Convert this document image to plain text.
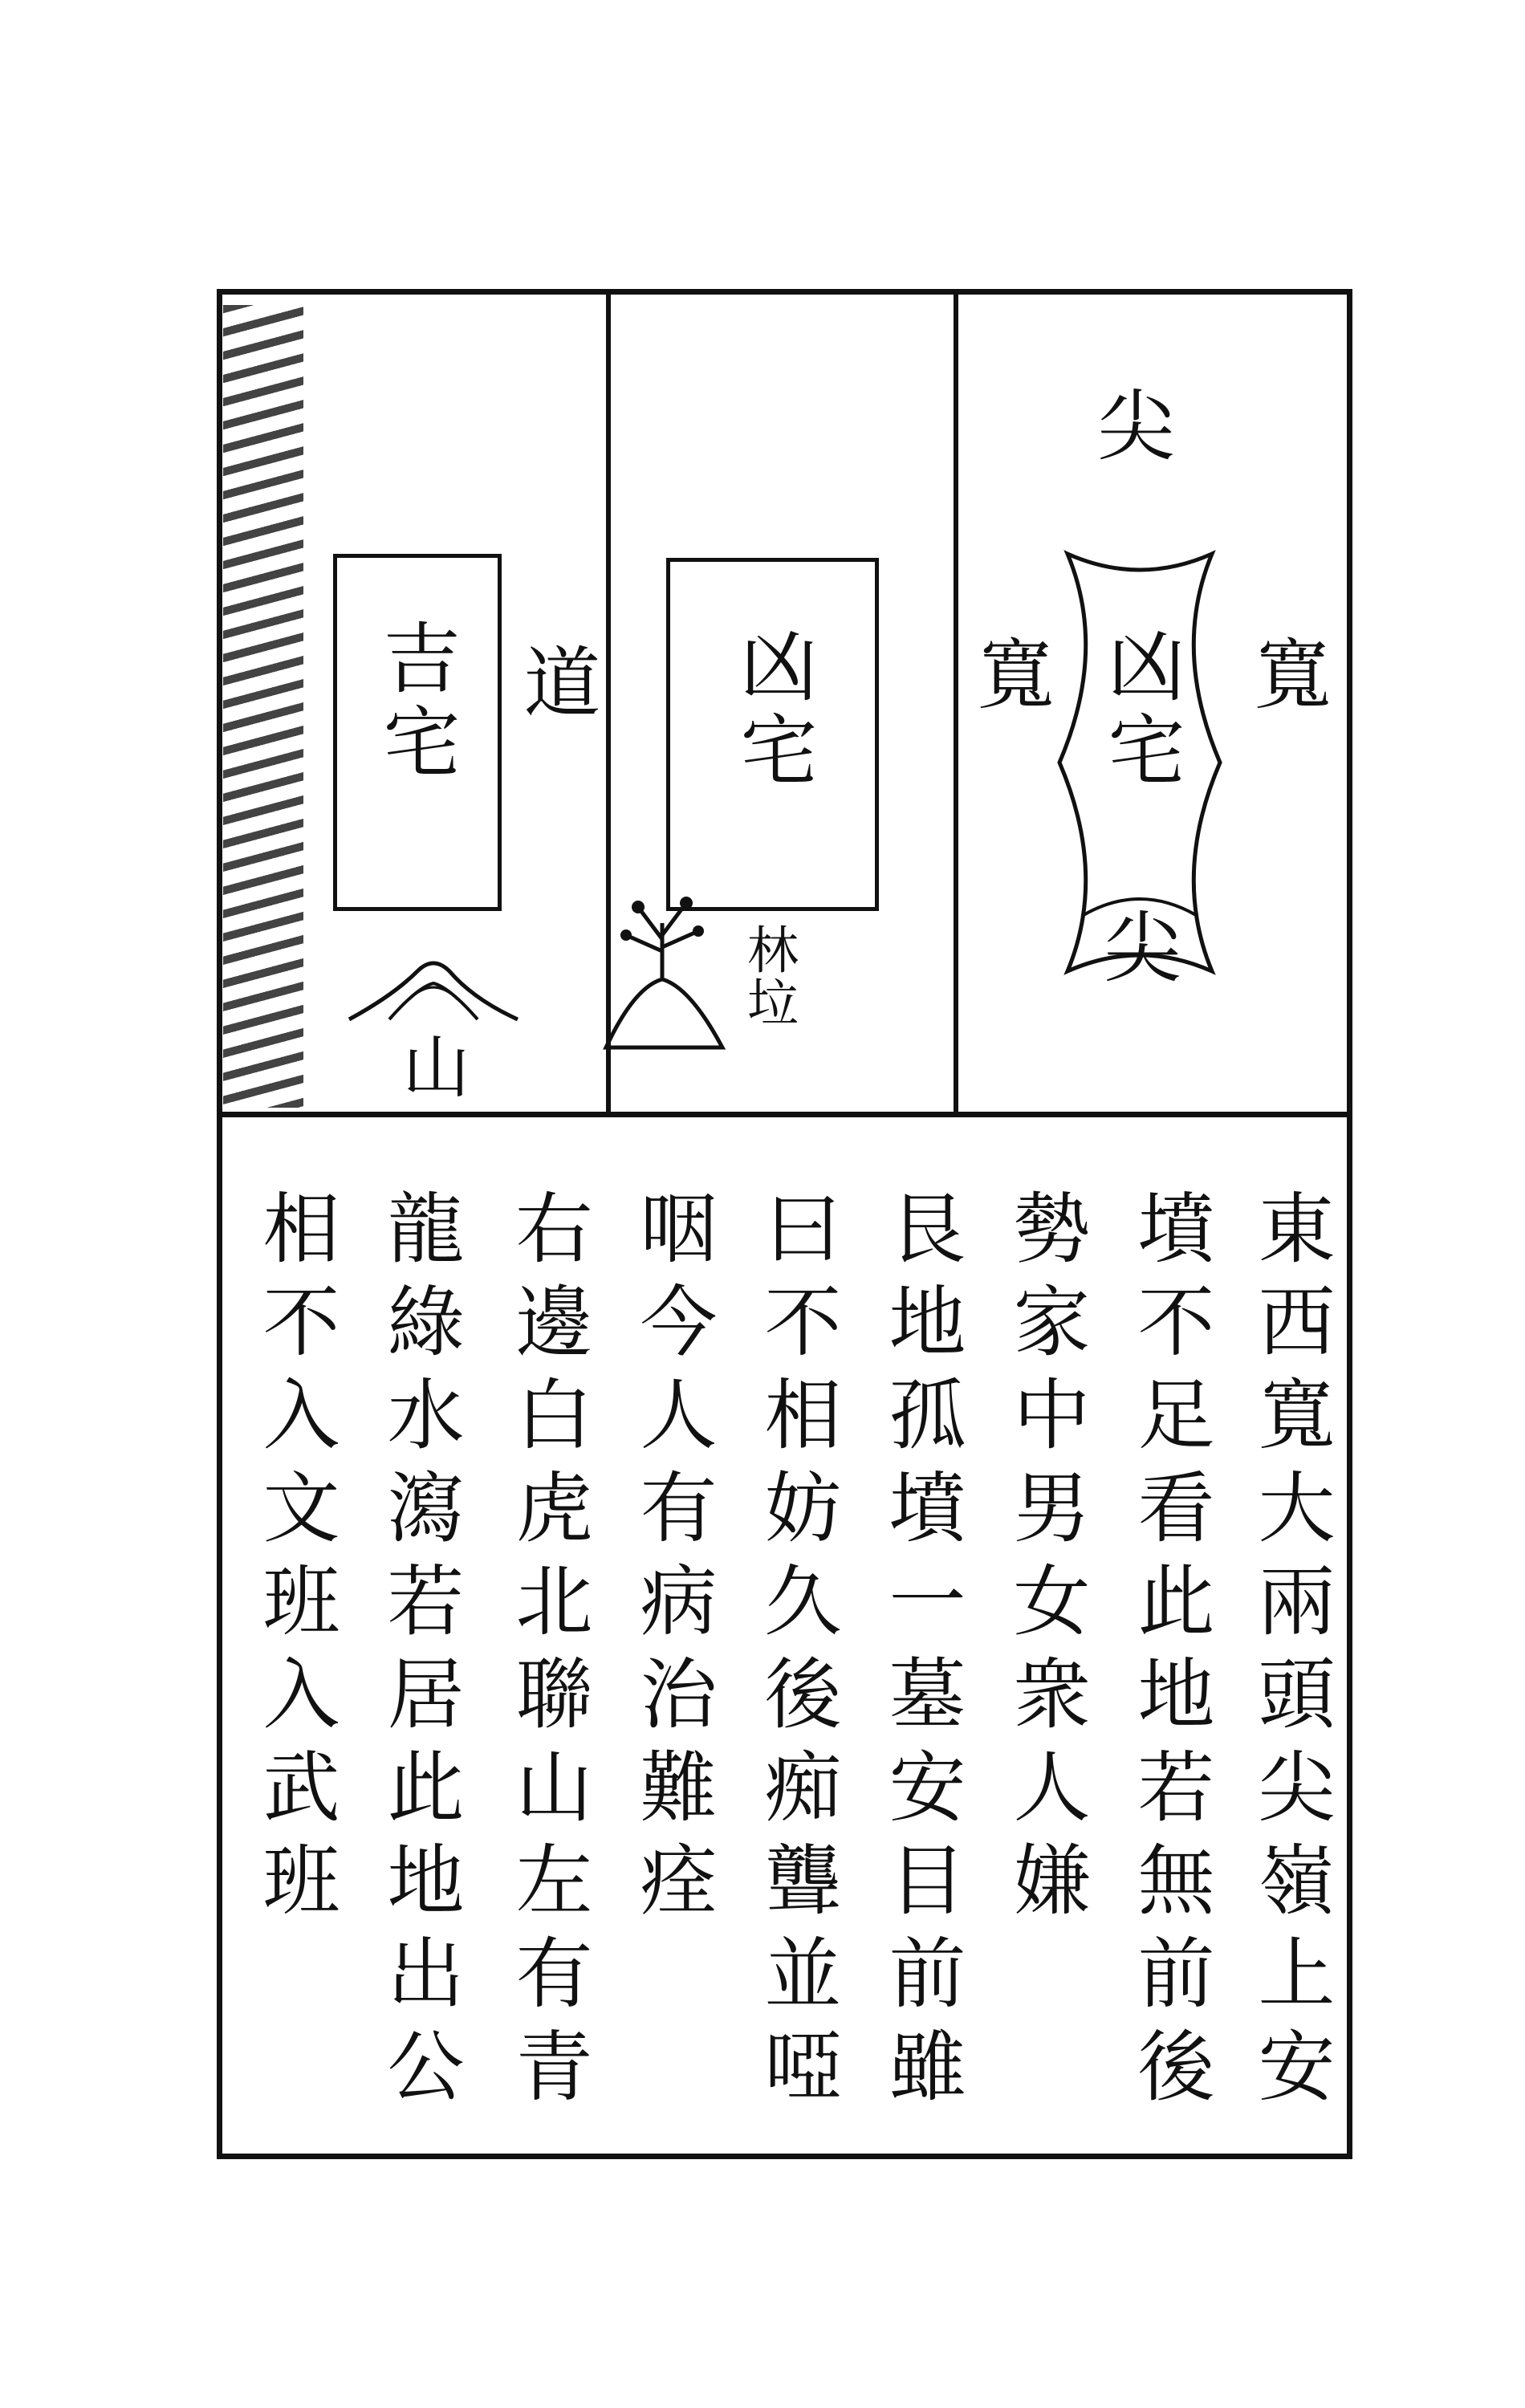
尖
寬 寬
凶宅
尖
凶宅
林垃
吉宅 道
山
東西寬大兩頭尖嶺上安
墳不足看此地若無前後
勢家中男女衆人嫌
艮地孤墳一墓安目前雖
曰不相妨久後痴聾並啞
咽今人有病治難痊
右邊白虎北聯山左有青
龍綠水瀉若居此地出公
相不入文班入武班
